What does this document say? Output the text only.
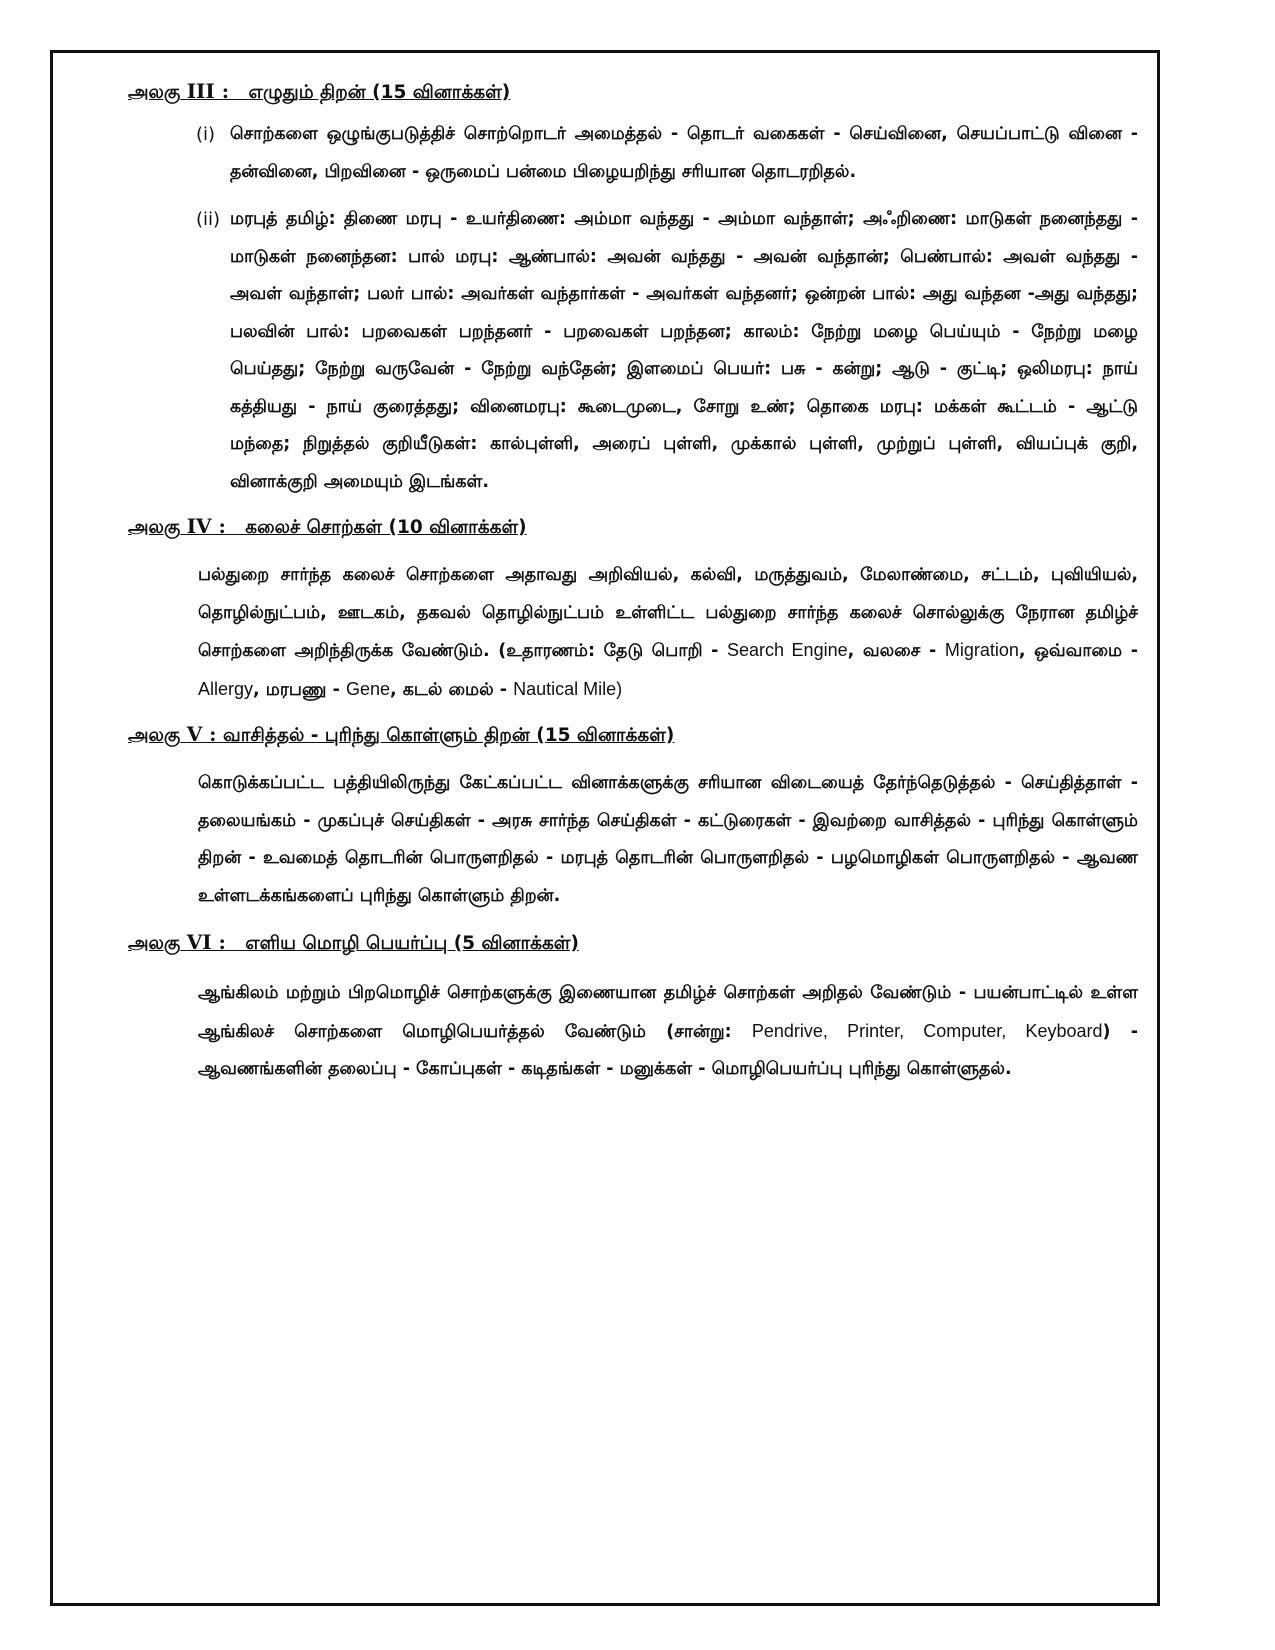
அலகு III : எழுதும் திறன் (15 வினாக்கள்)

(i) சொற்களை ஒழுங்குபடுத்திச் சொற்றொடர் அமைத்தல் - தொடர் வகைகள் - செய்வினை, செயப்பாட்டு வினை - தன்வினை, பிறவினை - ஒருமைப் பன்மை பிழையறிந்து சரியான தொடரறிதல்.
(ii) மரபுத் தமிழ்: திணை மரபு - உயர்திணை: அம்மா வந்தது - அம்மா வந்தாள்; அஃறிணை: மாடுகள் நனைந்தது - மாடுகள் நனைந்தன: பால் மரபு: ஆண்பால்: அவன் வந்தது - அவன் வந்தான்; பெண்பால்: அவள் வந்தது - அவள் வந்தாள்; பலர் பால்: அவர்கள் வந்தார்கள் - அவர்கள் வந்தனர்; ஒன்றன் பால்: அது வந்தன -அது வந்தது; பலவின் பால்: பறவைகள் பறந்தனர் - பறவைகள் பறந்தன; காலம்: நேற்று மழை பெய்யும் - நேற்று மழை பெய்தது; நேற்று வருவேன் - நேற்று வந்தேன்; இளமைப் பெயர்: பசு - கன்று; ஆடு - குட்டி; ஒலிமரபு: நாய் கத்தியது - நாய் குரைத்தது; வினைமரபு: கூடைமுடை, சோறு உண்; தொகை மரபு: மக்கள் கூட்டம் - ஆட்டு மந்தை; நிறுத்தல் குறியீடுகள்: கால்புள்ளி, அரைப் புள்ளி, முக்கால் புள்ளி, முற்றுப் புள்ளி, வியப்புக் குறி, வினாக்குறி அமையும் இடங்கள்.

அலகு IV : கலைச் சொற்கள் (10 வினாக்கள்)

பல்துறை சார்ந்த கலைச் சொற்களை அதாவது அறிவியல், கல்வி, மருத்துவம், மேலாண்மை, சட்டம், புவியியல், தொழில்நுட்பம், ஊடகம், தகவல் தொழில்நுட்பம் உள்ளிட்ட பல்துறை சார்ந்த கலைச் சொல்லுக்கு நேரான தமிழ்ச் சொற்களை அறிந்திருக்க வேண்டும். (உதாரணம்: தேடு பொறி - Search Engine, வலசை - Migration, ஒவ்வாமை - Allergy, மரபணு - Gene, கடல் மைல் - Nautical Mile)

அலகு V : வாசித்தல் - புரிந்து கொள்ளும் திறன் (15 வினாக்கள்)

கொடுக்கப்பட்ட பத்தியிலிருந்து கேட்கப்பட்ட வினாக்களுக்கு சரியான விடையைத் தேர்ந்தெடுத்தல் - செய்தித்தாள் - தலையங்கம் - முகப்புச் செய்திகள் - அரசு சார்ந்த செய்திகள் - கட்டுரைகள் - இவற்றை வாசித்தல் - புரிந்து கொள்ளும் திறன் - உவமைத் தொடரின் பொருளறிதல் - மரபுத் தொடரின் பொருளறிதல் - பழமொழிகள் பொருளறிதல் - ஆவண உள்ளடக்கங்களைப் புரிந்து கொள்ளும் திறன்.

அலகு VI : எளிய மொழி பெயர்ப்பு (5 வினாக்கள்)

ஆங்கிலம் மற்றும் பிறமொழிச் சொற்களுக்கு இணையான தமிழ்ச் சொற்கள் அறிதல் வேண்டும் - பயன்பாட்டில் உள்ள ஆங்கிலச் சொற்களை மொழிபெயர்த்தல் வேண்டும் (சான்று: Pendrive, Printer, Computer, Keyboard) - ஆவணங்களின் தலைப்பு - கோப்புகள் - கடிதங்கள் - மனுக்கள் - மொழிபெயர்ப்பு புரிந்து கொள்ளுதல்.
